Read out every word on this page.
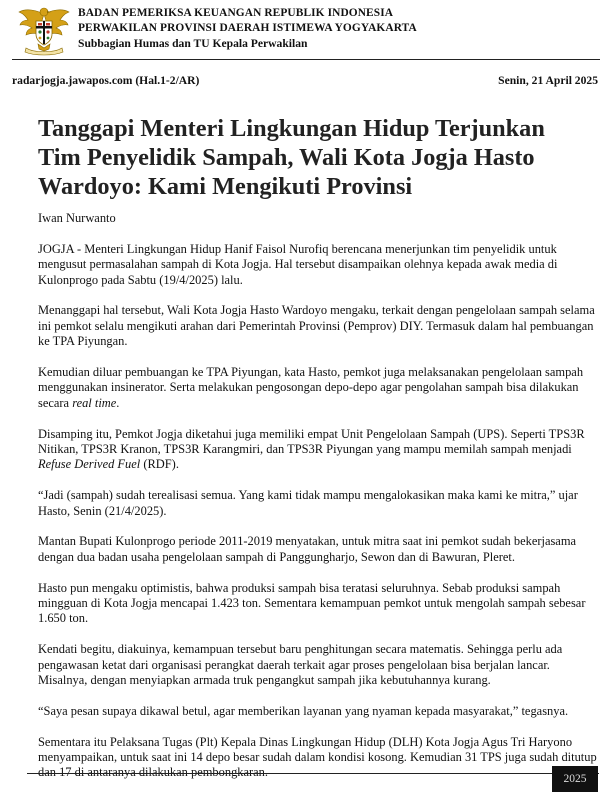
BADAN PEMERIKSA KEUANGAN REPUBLIK INDONESIA
PERWAKILAN PROVINSI DAERAH ISTIMEWA YOGYAKARTA
Subbagian Humas dan TU Kepala Perwakilan
radarjogja.jawapos.com (Hal.1-2/AR)	Senin, 21 April 2025
Tanggapi Menteri Lingkungan Hidup Terjunkan Tim Penyelidik Sampah, Wali Kota Jogja Hasto Wardoyo: Kami Mengikuti Provinsi

Iwan Nurwanto

JOGJA - Menteri Lingkungan Hidup Hanif Faisol Nurofiq berencana menerjunkan tim penyelidik untuk mengusut permasalahan sampah di Kota Jogja. Hal tersebut disampaikan olehnya kepada awak media di Kulonprogo pada Sabtu (19/4/2025) lalu.

Menanggapi hal tersebut, Wali Kota Jogja Hasto Wardoyo mengaku, terkait dengan pengelolaan sampah selama ini pemkot selalu mengikuti arahan dari Pemerintah Provinsi (Pemprov) DIY. Termasuk dalam hal pembuangan ke TPA Piyungan.

Kemudian diluar pembuangan ke TPA Piyungan, kata Hasto, pemkot juga melaksanakan pengelolaan sampah menggunakan insinerator. Serta melakukan pengosongan depo-depo agar pengolahan sampah bisa dilakukan secara real time.

Disamping itu, Pemkot Jogja diketahui juga memiliki empat Unit Pengelolaan Sampah (UPS). Seperti TPS3R Nitikan, TPS3R Kranon, TPS3R Karangmiri, dan TPS3R Piyungan yang mampu memilah sampah menjadi Refuse Derived Fuel (RDF).

“Jadi (sampah) sudah terealisasi semua. Yang kami tidak mampu mengalokasikan maka kami ke mitra,” ujar Hasto, Senin (21/4/2025).

Mantan Bupati Kulonprogo periode 2011-2019 menyatakan, untuk mitra saat ini pemkot sudah bekerjasama dengan dua badan usaha pengelolaan sampah di Panggungharjo, Sewon dan di Bawuran, Pleret.

Hasto pun mengaku optimistis, bahwa produksi sampah bisa teratasi seluruhnya. Sebab produksi sampah mingguan di Kota Jogja mencapai 1.423 ton. Sementara kemampuan pemkot untuk mengolah sampah sebesar 1.650 ton.

Kendati begitu, diakuinya, kemampuan tersebut baru penghitungan secara matematis. Sehingga perlu ada pengawasan ketat dari organisasi perangkat daerah terkait agar proses pengelolaan bisa berjalan lancar. Misalnya, dengan menyiapkan armada truk pengangkut sampah jika kebutuhannya kurang.

“Saya pesan supaya dikawal betul, agar memberikan layanan yang nyaman kepada masyarakat,” tegasnya.

Sementara itu Pelaksana Tugas (Plt) Kepala Dinas Lingkungan Hidup (DLH) Kota Jogja Agus Tri Haryono menyampaikan, untuk saat ini 14 depo besar sudah dalam kondisi kosong. Kemudian 31 TPS juga sudah ditutup dan 17 di antaranya dilakukan pembongkaran.	2025
